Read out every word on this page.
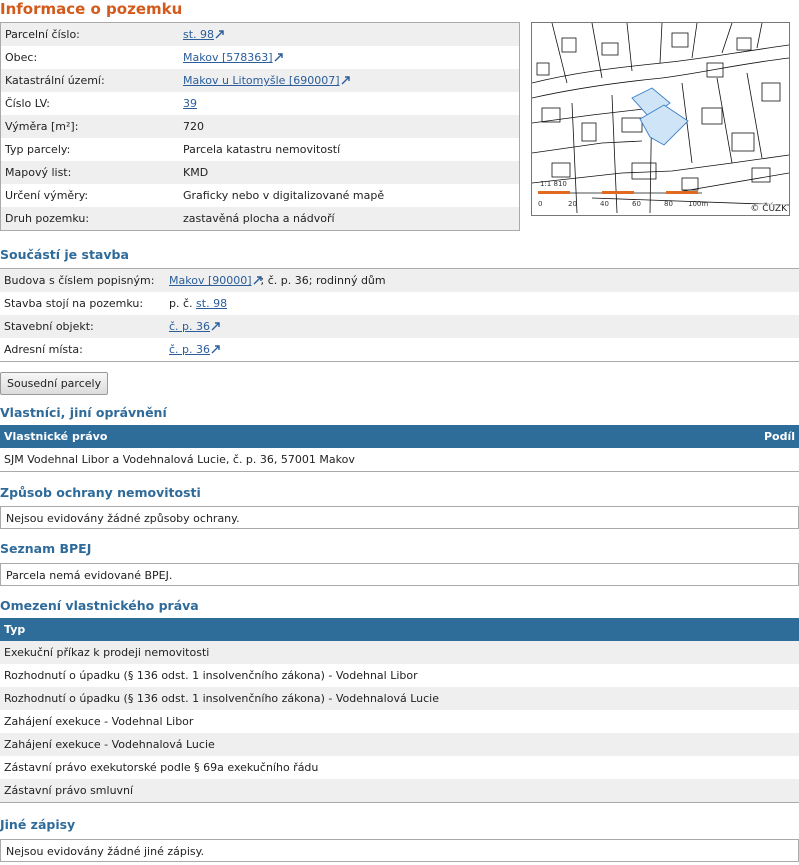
Informace o pozemku
Parcelní číslo:	st. 98

Obec:	Makov [578363]

Katastrální území:	Makov u Litomyšle [690007]

Číslo LV:	39
Výměra [m²]:	720
Typ parcely:	Parcela katastru nemovitostí
Mapový list:	KMD
Určení výměry:	Graficky nebo v digitalizované mapě
Druh pozemku:	zastavěná plocha a nádvoří
1:1 810
0	20	40	60	80 100m	© ČÚZK
Součástí je stavba
Budova s číslem popisným:	Makov [90000] ; č. p. 36; rodinný dům
Stavba stojí na pozemku:	p. č. st. 98
Stavební objekt:	č. p. 36

Adresní místa:	č. p. 36
Sousední parcely
Vlastníci, jiní oprávnění
Vlastnické právo	Podíl
SJM Vodehnal Libor a Vodehnalová Lucie, č. p. 36, 57001 Makov
Způsob ochrany nemovitosti
Nejsou evidovány žádné způsoby ochrany.
Seznam BPEJ
Parcela nemá evidované BPEJ.
Omezení vlastnického práva
Typ
Exekuční příkaz k prodeji nemovitosti
Rozhodnutí o úpadku (§ 136 odst. 1 insolvenčního zákona) - Vodehnal Libor
Rozhodnutí o úpadku (§ 136 odst. 1 insolvenčního zákona) - Vodehnalová Lucie
Zahájení exekuce - Vodehnal Libor
Zahájení exekuce - Vodehnalová Lucie
Zástavní právo exekutorské podle § 69a exekučního řádu
Zástavní právo smluvní
Jiné zápisy
Nejsou evidovány žádné jiné zápisy.
